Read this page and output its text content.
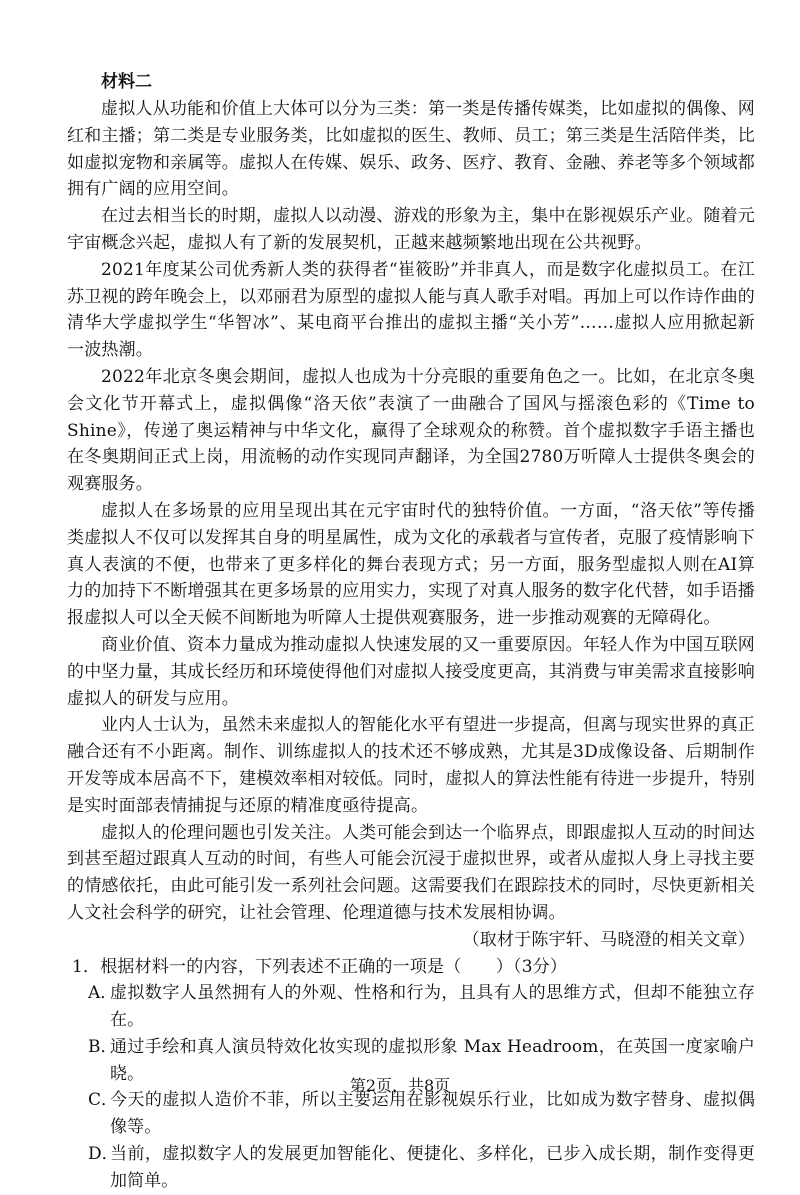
材料二

虚拟人从功能和价值上大体可以分为三类：第一类是传播传媒类，比如虚拟的偶像、网红和主播；第二类是专业服务类，比如虚拟的医生、教师、员工；第三类是生活陪伴类，比如虚拟宠物和亲属等。虚拟人在传媒、娱乐、政务、医疗、教育、金融、养老等多个领域都拥有广阔的应用空间。

在过去相当长的时期，虚拟人以动漫、游戏的形象为主，集中在影视娱乐产业。随着元宇宙概念兴起，虚拟人有了新的发展契机，正越来越频繁地出现在公共视野。

2021年度某公司优秀新人类的获得者“崔筱盼”并非真人，而是数字化虚拟员工。在江苏卫视的跨年晚会上，以邓丽君为原型的虚拟人能与真人歌手对唱。再加上可以作诗作曲的清华大学虚拟学生“华智冰”、某电商平台推出的虚拟主播“关小芳”……虚拟人应用掀起新一波热潮。

2022年北京冬奥会期间，虚拟人也成为十分亮眼的重要角色之一。比如，在北京冬奥会文化节开幕式上，虚拟偶像“洛天依”表演了一曲融合了国风与摇滚色彩的《Time to Shine》，传递了奥运精神与中华文化，赢得了全球观众的称赞。首个虚拟数字手语主播也在冬奥期间正式上岗，用流畅的动作实现同声翻译，为全国2780万听障人士提供冬奥会的观赛服务。

虚拟人在多场景的应用呈现出其在元宇宙时代的独特价值。一方面，“洛天依”等传播类虚拟人不仅可以发挥其自身的明星属性，成为文化的承载者与宣传者，克服了疫情影响下真人表演的不便，也带来了更多样化的舞台表现方式；另一方面，服务型虚拟人则在AI算力的加持下不断增强其在更多场景的应用实力，实现了对真人服务的数字化代替，如手语播报虚拟人可以全天候不间断地为听障人士提供观赛服务，进一步推动观赛的无障碍化。

商业价值、资本力量成为推动虚拟人快速发展的又一重要原因。年轻人作为中国互联网的中坚力量，其成长经历和环境使得他们对虚拟人接受度更高，其消费与审美需求直接影响虚拟人的研发与应用。

业内人士认为，虽然未来虚拟人的智能化水平有望进一步提高，但离与现实世界的真正融合还有不小距离。制作、训练虚拟人的技术还不够成熟，尤其是3D成像设备、后期制作开发等成本居高不下，建模效率相对较低。同时，虚拟人的算法性能有待进一步提升，特别是实时面部表情捕捉与还原的精准度亟待提高。

虚拟人的伦理问题也引发关注。人类可能会到达一个临界点，即跟虚拟人互动的时间达到甚至超过跟真人互动的时间，有些人可能会沉浸于虚拟世界，或者从虚拟人身上寻找主要的情感依托，由此可能引发一系列社会问题。这需要我们在跟踪技术的同时，尽快更新相关人文社会科学的研究，让社会管理、伦理道德与技术发展相协调。

（取材于陈宇轩、马晓澄的相关文章）

1．根据材料一的内容，下列表述不正确的一项是（　　）（3分）

A．
虚拟数字人虽然拥有人的外观、性格和行为，且具有人的思维方式，但却不能独立存在。
B．
通过手绘和真人演员特效化妆实现的虚拟形象 Max Headroom，在英国一度家喻户晓。
C．
今天的虚拟人造价不菲，所以主要运用在影视娱乐行业，比如成为数字替身、虚拟偶像等。
D．
当前，虚拟数字人的发展更加智能化、便捷化、多样化，已步入成长期，制作变得更加简单。
第2页，共8页
